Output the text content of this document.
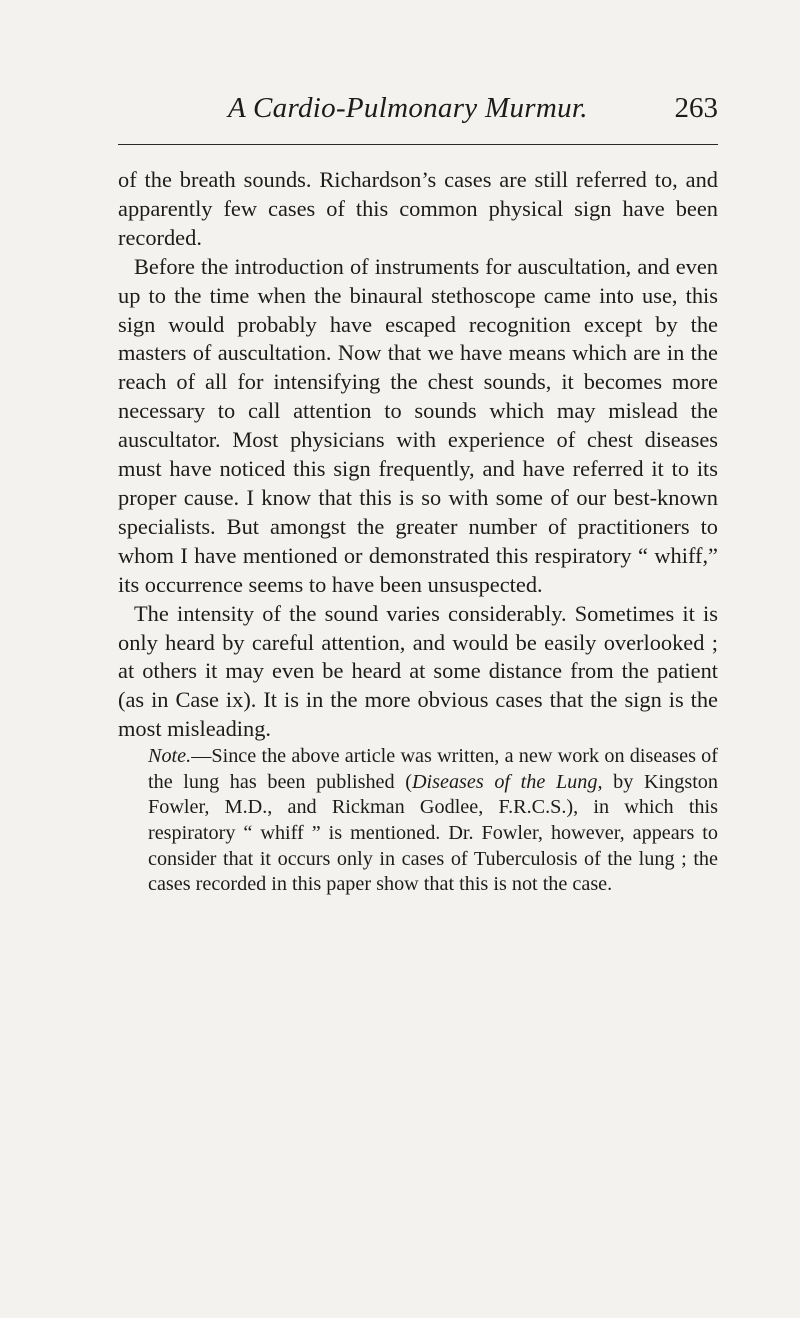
A Cardio-Pulmonary Murmur.	263

of the breath sounds. Richardson’s cases are still referred to, and apparently few cases of this common physical sign have been recorded.

Before the introduction of instruments for auscultation, and even up to the time when the binaural stethoscope came into use, this sign would probably have escaped recognition except by the masters of auscultation. Now that we have means which are in the reach of all for intensifying the chest sounds, it becomes more necessary to call attention to sounds which may mislead the auscultator. Most physicians with experience of chest diseases must have noticed this sign frequently, and have referred it to its proper cause. I know that this is so with some of our best-known specialists. But amongst the greater number of practitioners to whom I have mentioned or demonstrated this respiratory “ whiff,” its occurrence seems to have been unsuspected.

The intensity of the sound varies considerably. Sometimes it is only heard by careful attention, and would be easily overlooked ; at others it may even be heard at some distance from the patient (as in Case ix). It is in the more obvious cases that the sign is the most misleading.

Note.—Since the above article was written, a new work on diseases of the lung has been published (Diseases of the Lung, by Kingston Fowler, M.D., and Rickman Godlee, F.R.C.S.), in which this respiratory “ whiff ” is mentioned. Dr. Fowler, however, appears to consider that it occurs only in cases of Tuberculosis of the lung ; the cases recorded in this paper show that this is not the case.
